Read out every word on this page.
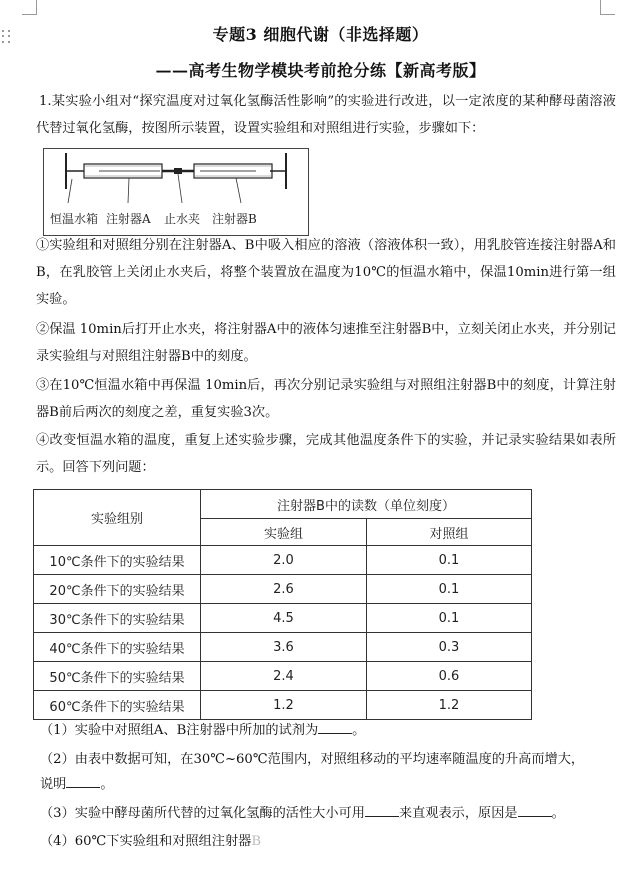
专题3 细胞代谢（非选择题）
——高考生物学模块考前抢分练【新高考版】
1.某实验小组对“探究温度对过氧化氢酶活性影响”的实验进行改进，以一定浓度的某种酵母菌溶液代替过氧化氢酶，按图所示装置，设置实验组和对照组进行实验，步骤如下：
恒温水箱 注射器A 止水夹 注射器B
①实验组和对照组分别在注射器A、B中吸入相应的溶液（溶液体积一致），用乳胶管连接注射器A和B，在乳胶管上关闭止水夹后，将整个装置放在温度为10℃的恒温水箱中，保温10min进行第一组实验。
②保温 10min后打开止水夹，将注射器A中的液体匀速推至注射器B中，立刻关闭止水夹，并分别记录实验组与对照组注射器B中的刻度。
③在10℃恒温水箱中再保温 10min后，再次分别记录实验组与对照组注射器B中的刻度，计算注射器B前后两次的刻度之差，重复实验3次。
④改变恒温水箱的温度，重复上述实验步骤，完成其他温度条件下的实验，并记录实验结果如表所示。回答下列问题：
实验组别	注射器B中的读数（单位刻度）	
	实验组	对照组
10℃条件下的实验结果	2.0	0.1
20℃条件下的实验结果	2.6	0.1
30℃条件下的实验结果	4.5	0.1
40℃条件下的实验结果	3.6	0.3
50℃条件下的实验结果	2.4	0.6
60℃条件下的实验结果	1.2	1.2
（1）实验中对照组A、B注射器中所加的试剂为	。
（2）由表中数据可知，在30℃~60℃范围内，对照组移动的平均速率随温度的升高而增大，
说明	。
（3）实验中酵母菌所代替的过氧化氢酶的活性大小可用	来直观表示，原因是	。
（4）60℃下实验组和对照组注射器B
